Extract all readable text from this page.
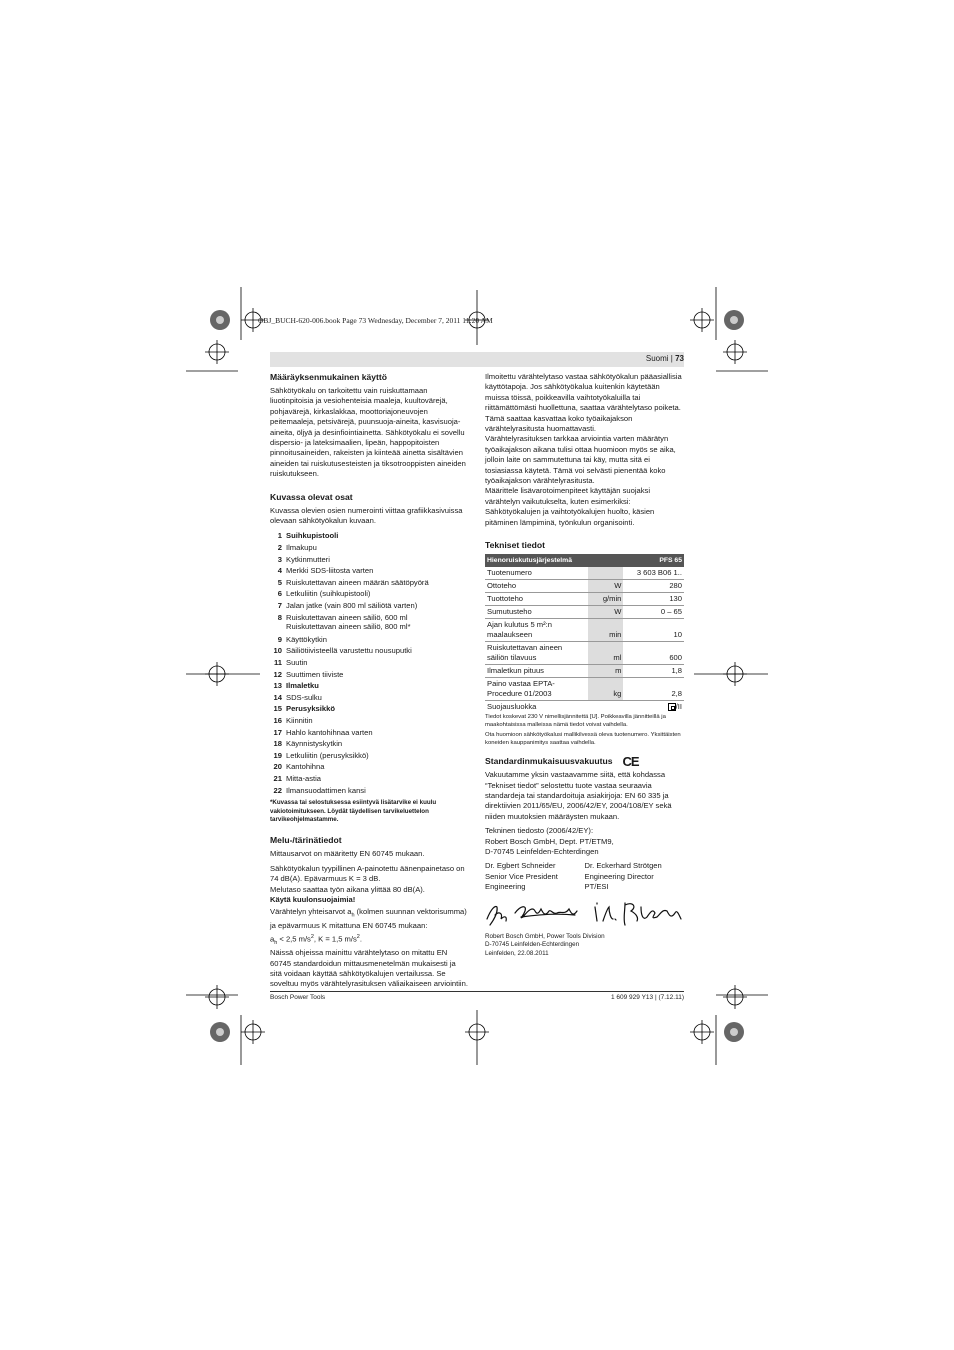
OBJ_BUCH-620-006.book Page 73 Wednesday, December 7, 2011 11:20 AM
Suomi | 73
Määräyksenmukainen käyttö

Sähkötyökalu on tarkoitettu vain ruiskuttamaan liuotinpitoisia ja vesiohenteisia maaleja, kuultovärejä, pohjavärejä, kirkaslakkaa, moottoriajoneuvojen peitemaaleja, petsivärejä, puunsuoja-aineita, kasvisuoja-aineita, öljyä ja desinfiointiainetta. Sähkötyökalu ei sovellu dispersio- ja lateksimaalien, lipeän, happopitoisten pinnoitusaineiden, rakeisten ja kiinteää ainetta sisältävien aineiden tai ruiskutusesteisten ja tiksotrooppisten aineiden ruiskutukseen.

Kuvassa olevat osat

Kuvassa olevien osien numerointi viittaa grafiikkasivuissa olevaan sähkötyökalun kuvaan.

1 Suihkupistooli
2 Ilmakupu
3 Kytkinmutteri
4 Merkki SDS-liitosta varten
5 Ruiskutettavan aineen määrän säätöpyörä
6 Letkuliitin (suihkupistooli)
7 Jalan jatke (vain 800 ml säiliötä varten)
8 Ruiskutettavan aineen säiliö, 600 ml
Ruiskutettavan aineen säiliö, 800 ml*
9 Käyttökytkin
10 Säiliötiivisteellä varustettu nousuputki
11 Suutin
12 Suuttimen tiiviste
13 Ilmaletku
14 SDS-sulku
15 Perusyksikkö
16 Kiinnitin
17 Hahlo kantohihnaa varten
18 Käynnistyskytkin
19 Letkuliitin (perusyksikkö)
20 Kantohihna
21 Mitta-astia
22 Ilmansuodattimen kansi
*Kuvassa tai selostuksessa esiintyvä lisätarvike ei kuulu vakiotoimitukseen. Löydät täydellisen tarvikeluettelon tarvikeohjelmastamme.
Melu-/tärinätiedot

Mittausarvot on määritetty EN 60745 mukaan.

Sähkötyökalun tyypillinen A-painotettu äänenpainetaso on 74 dB(A). Epävarmuus K = 3 dB.

Melutaso saattaa työn aikana ylittää 80 dB(A).

Käytä kuulonsuojaimia!

Värähtelyn yhteisarvot $a_h$ (kolmen suunnan vektorisumma) ja epävarmuus K mitattuna EN 60745 mukaan:

$a_h < 2,5$ $m/s^2$, K = 1,5 $m/s^2$.

Näissä ohjeissa mainittu värähtelytaso on mitattu EN 60745 standardoidun mittausmenetelmän mukaisesti ja sitä voidaan käyttää sähkötyökalujen vertailussa. Se soveltuu myös värähtelyrasituksen väliaikaiseen arviointiin.

Ilmoitettu värähtelytaso vastaa sähkötyökalun pääasiallisia käyttötapoja. Jos sähkötyökalua kuitenkin käytetään muissa töissä, poikkeavilla vaihtotyökaluilla tai riittämättömästi huollettuna, saattaa värähtelytaso poiketa. Tämä saattaa kasvattaa koko työaikajakson värähtelyrasitusta huomattavasti.

Värähtelyrasituksen tarkkaa arviointia varten määrätyn työaikajakson aikana tulisi ottaa huomioon myös se aika, jolloin laite on sammutettuna tai käy, mutta sitä ei tosiasiassa käytetä. Tämä voi selvästi pienentää koko työaikajakson värähtelyrasitusta.

Määrittele lisävarotoimenpiteet käyttäjän suojaksi värähtelyn vaikutukselta, kuten esimerkiksi: Sähkötyökalujen ja vaihtotyökalujen huolto, käsien pitäminen lämpiminä, työnkulun organisointi.

Tekniset tiedot
Hienoruiskutusjärjestelmä		PFS 65
Tuotenumero		3 603 B06 1..
Ottoteho	W	280
Tuottoteho	g/min	130
Sumutusteho	W	0 – 65
Ajan kulutus 5 m²:n maalaukseen	min	10
Ruiskutettavan aineen säiliön tilavuus	ml	600
Ilmaletkun pituus	m	1,8
Paino vastaa EPTA-Procedure 01/2003	kg	2,8
Suojausluokka		/II
Tiedot koskevat 230 V nimellisjännitettä [U]. Poikkeavilla jännitteillä ja maakohtaisissa malleissa nämä tiedot voivat vaihdella.
Ota huomioon sähkötyökalusi mallikilvessä oleva tuotenumero. Yksittäisten koneiden kauppanimitys saattaa vaihdella.
Standardinmukaisuusvakuutus CE

Vakuutamme yksin vastaavamme siitä, että kohdassa “Tekniset tiedot” selostettu tuote vastaa seuraavia standardeja tai standardoituja asiakirjoja: EN 60 335 ja direktiivien 2011/65/EU, 2006/42/EY, 2004/108/EY sekä niiden muutoksien määräysten mukaan.

Tekninen tiedosto (2006/42/EY):
Robert Bosch GmbH, Dept. PT/ETM9,
D-70745 Leinfelden-Echterdingen

Dr. Egbert Schneider
Senior Vice President
Engineering
Dr. Eckerhard Strötgen
Engineering Director
PT/ESI
Robert Bosch GmbH, Power Tools Division
D-70745 Leinfelden-Echterdingen
Leinfelden, 22.08.2011
Bosch Power Tools	1 609 929 Y13 | (7.12.11)
